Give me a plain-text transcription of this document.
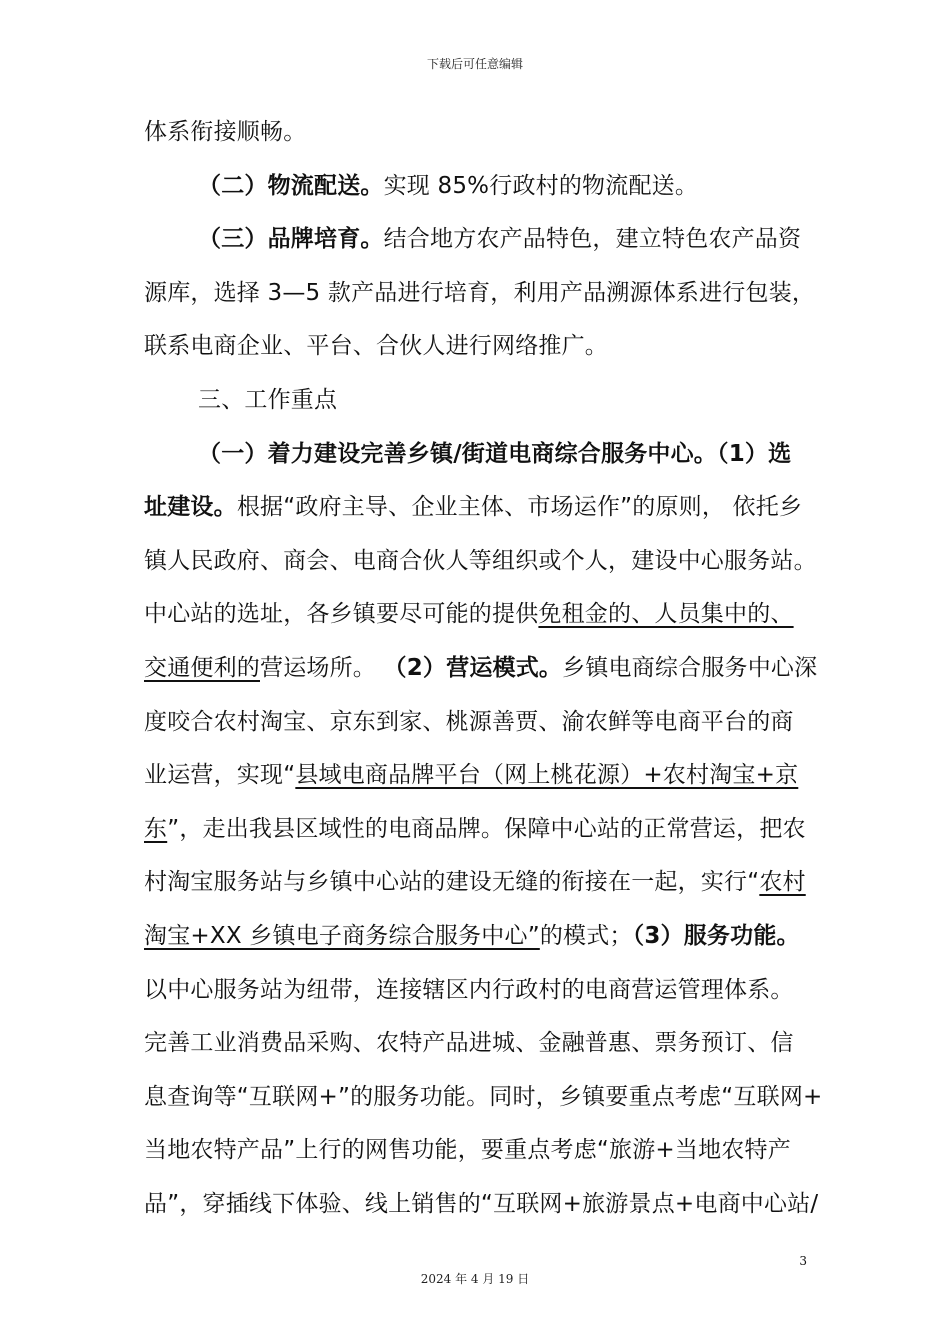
下载后可任意编辑
体系衔接顺畅。
（二）物流配送。实现 85%行政村的物流配送。
（三）品牌培育。结合地方农产品特色，建立特色农产品资
源库，选择 3—5 款产品进行培育，利用产品溯源体系进行包装，
联系电商企业、平台、合伙人进行网络推广。
三、工作重点
（一）着力建设完善乡镇/街道电商综合服务中心。（1）选
址建设。根据“政府主导、企业主体、市场运作”的原则， 依托乡
镇人民政府、商会、电商合伙人等组织或个人，建设中心服务站。
中心站的选址，各乡镇要尽可能的提供免租金的、人员集中的、
交通便利的营运场所。 （2）营运模式。乡镇电商综合服务中心深
度咬合农村淘宝、京东到家、桃源善贾、渝农鲜等电商平台的商
业运营，实现“县域电商品牌平台（网上桃花源）+农村淘宝+京
东”，走出我县区域性的电商品牌。保障中心站的正常营运，把农
村淘宝服务站与乡镇中心站的建设无缝的衔接在一起，实行“农村
淘宝+XX 乡镇电子商务综合服务中心”的模式；（3）服务功能。
以中心服务站为纽带，连接辖区内行政村的电商营运管理体系。
完善工业消费品采购、农特产品进城、金融普惠、票务预订、信
息查询等“互联网+”的服务功能。同时，乡镇要重点考虑“互联网+
当地农特产品”上行的网售功能，要重点考虑“旅游+当地农特产
品”，穿插线下体验、线上销售的“互联网+旅游景点+电商中心站/
3
2024 年 4 月 19 日
